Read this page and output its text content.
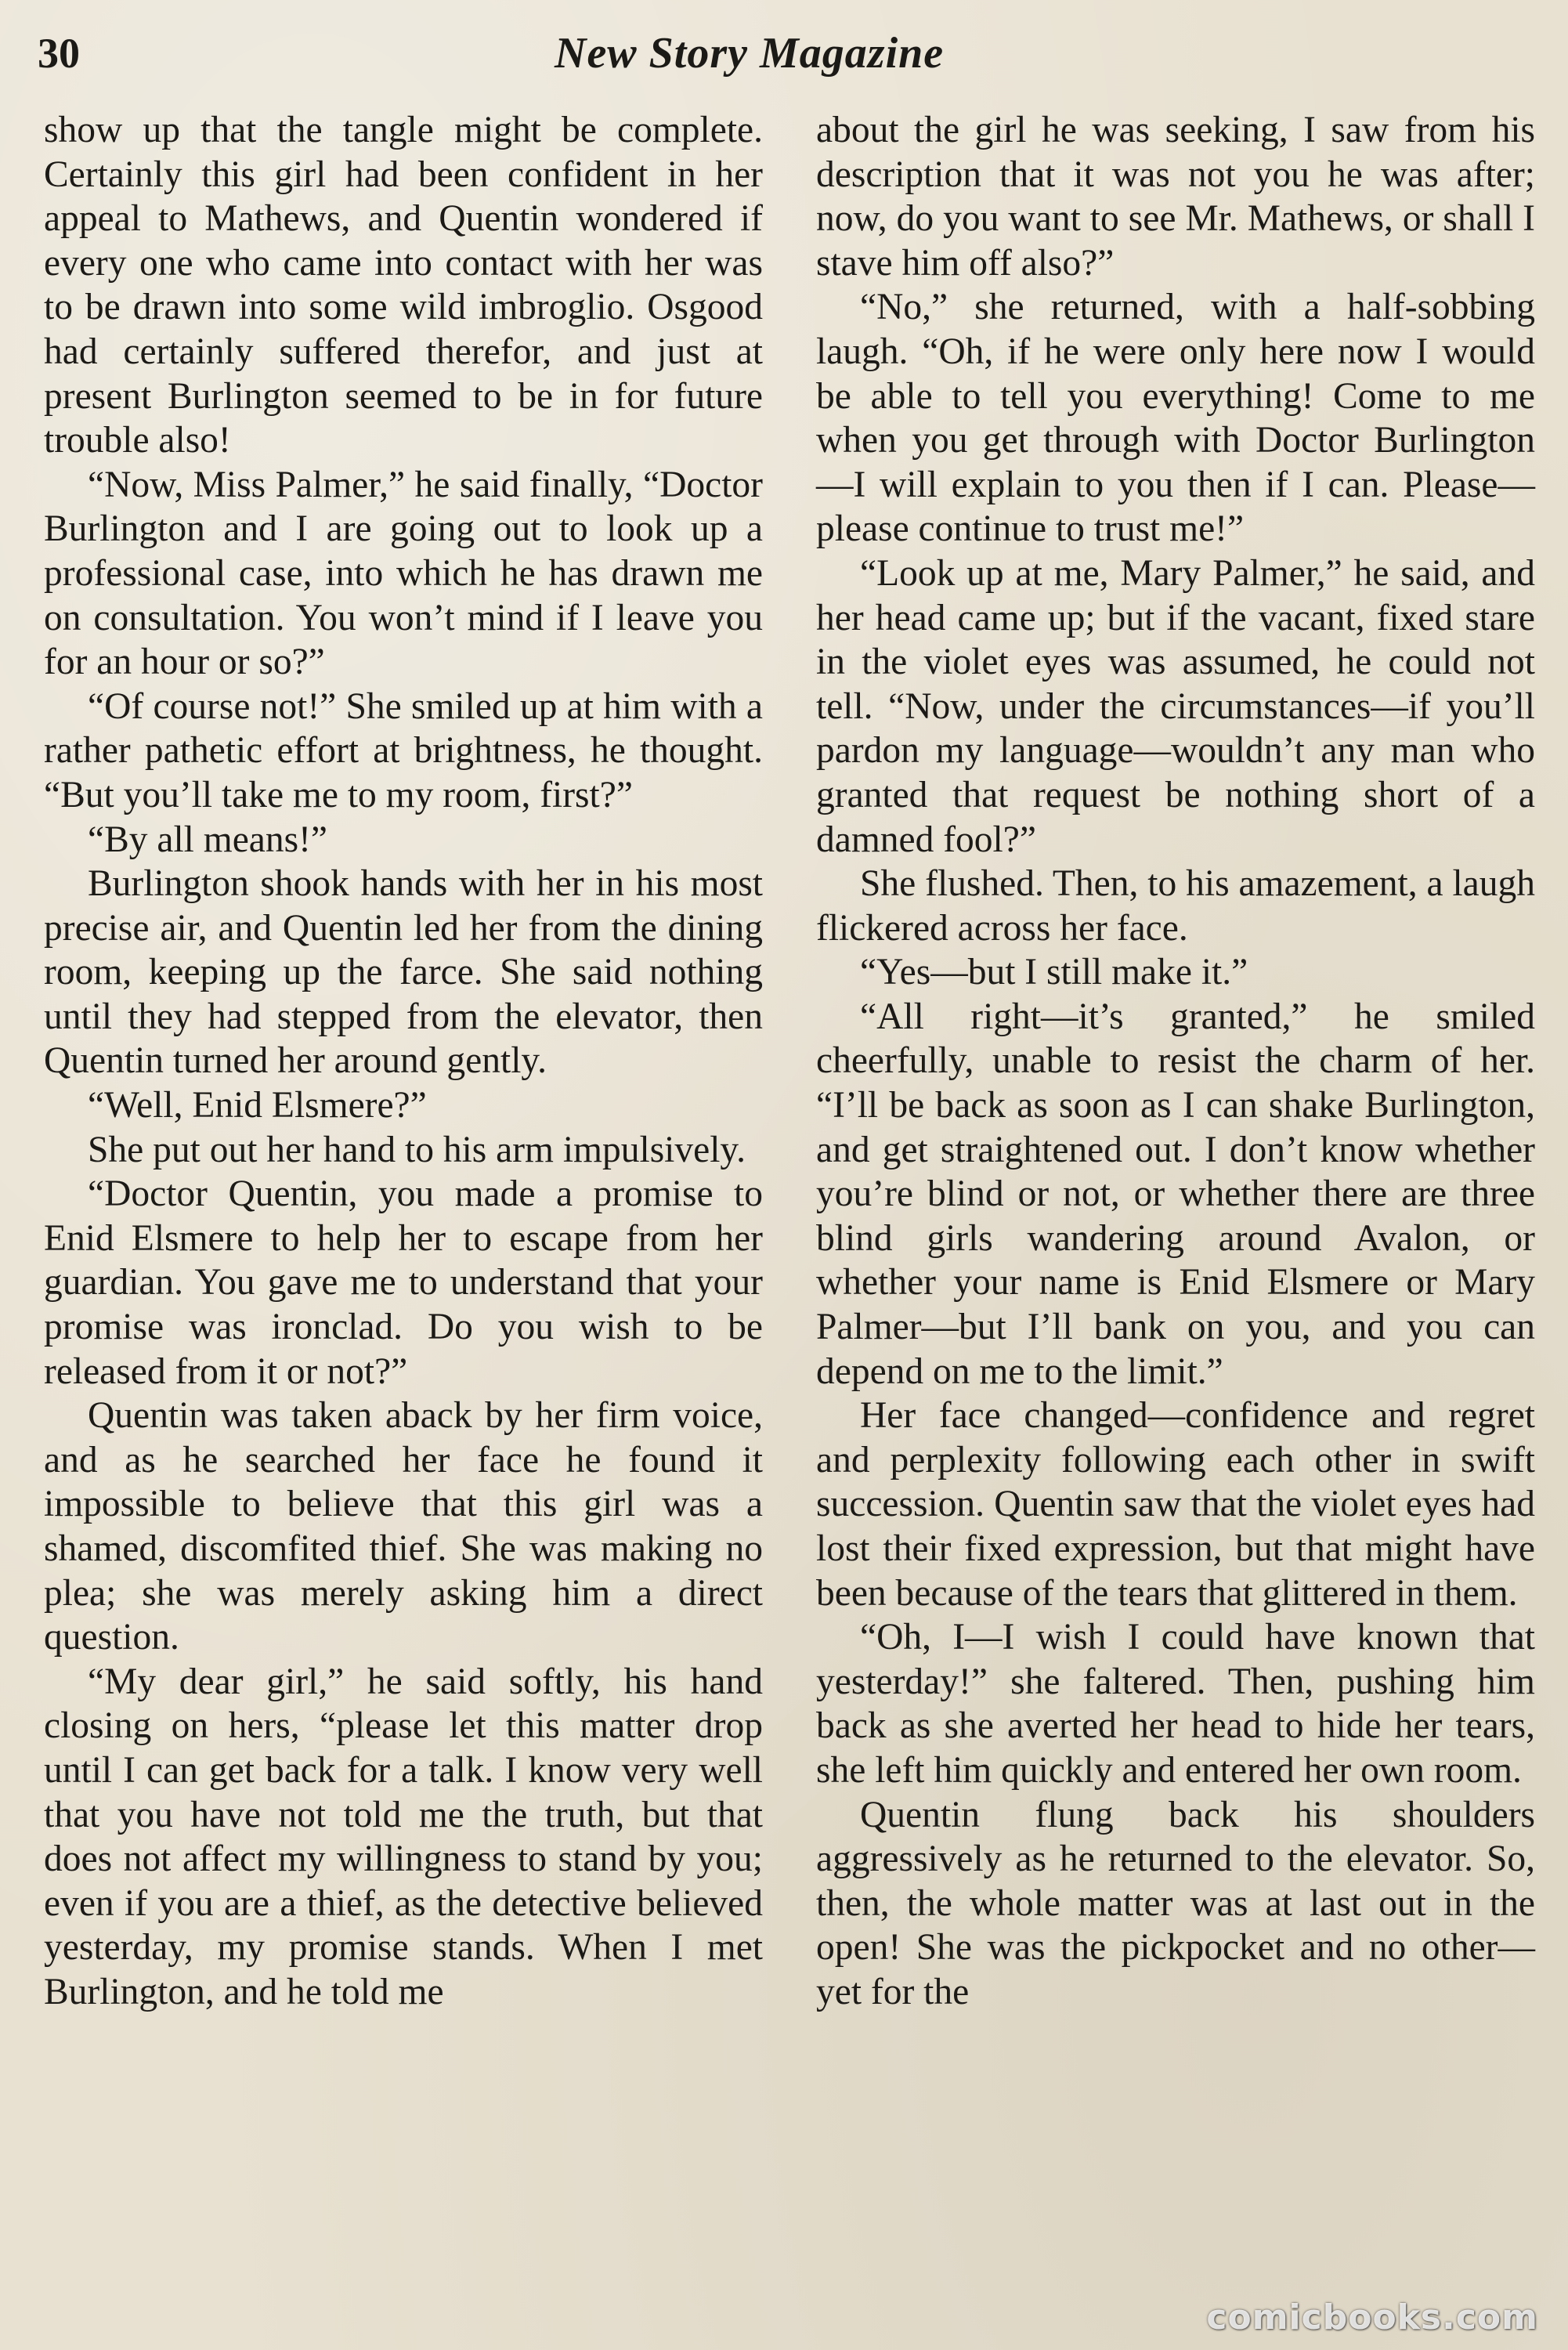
30	New Story Magazine

show up that the tangle might be complete. Certainly this girl had been confident in her appeal to Mathews, and Quentin wondered if every one who came into contact with her was to be drawn into some wild imbroglio. Osgood had certainly suffered therefor, and just at present Burlington seemed to be in for future trouble also!

“Now, Miss Palmer,” he said finally, “Doctor Burlington and I are going out to look up a professional case, into which he has drawn me on consultation. You won’t mind if I leave you for an hour or so?”

“Of course not!” She smiled up at him with a rather pathetic effort at brightness, he thought. “But you’ll take me to my room, first?”

“By all means!”

Burlington shook hands with her in his most precise air, and Quentin led her from the dining room, keeping up the farce. She said nothing until they had stepped from the elevator, then Quentin turned her around gently.

“Well, Enid Elsmere?”

She put out her hand to his arm impulsively.

“Doctor Quentin, you made a promise to Enid Elsmere to help her to escape from her guardian. You gave me to understand that your promise was ironclad. Do you wish to be released from it or not?”

Quentin was taken aback by her firm voice, and as he searched her face he found it impossible to believe that this girl was a shamed, discomfited thief. She was making no plea; she was merely asking him a direct question.

“My dear girl,” he said softly, his hand closing on hers, “please let this matter drop until I can get back for a talk. I know very well that you have not told me the truth, but that does not affect my willingness to stand by you; even if you are a thief, as the detective believed yesterday, my promise stands. When I met Burlington, and he told me

about the girl he was seeking, I saw from his description that it was not you he was after; now, do you want to see Mr. Mathews, or shall I stave him off also?”

“No,” she returned, with a half-sobbing laugh. “Oh, if he were only here now I would be able to tell you everything! Come to me when you get through with Doctor Burlington—I will explain to you then if I can. Please—please continue to trust me!”

“Look up at me, Mary Palmer,” he said, and her head came up; but if the vacant, fixed stare in the violet eyes was assumed, he could not tell. “Now, under the circumstances—if you’ll pardon my language—wouldn’t any man who granted that request be nothing short of a damned fool?”

She flushed. Then, to his amazement, a laugh flickered across her face.

“Yes—but I still make it.”

“All right—it’s granted,” he smiled cheerfully, unable to resist the charm of her. “I’ll be back as soon as I can shake Burlington, and get straightened out. I don’t know whether you’re blind or not, or whether there are three blind girls wandering around Avalon, or whether your name is Enid Elsmere or Mary Palmer—but I’ll bank on you, and you can depend on me to the limit.”

Her face changed—confidence and regret and perplexity following each other in swift succession. Quentin saw that the violet eyes had lost their fixed expression, but that might have been because of the tears that glittered in them.

“Oh, I—I wish I could have known that yesterday!” she faltered. Then, pushing him back as she averted her head to hide her tears, she left him quickly and entered her own room.

Quentin flung back his shoulders aggressively as he returned to the elevator. So, then, the whole matter was at last out in the open! She was the pickpocket and no other—yet for the

comicbooks.com
